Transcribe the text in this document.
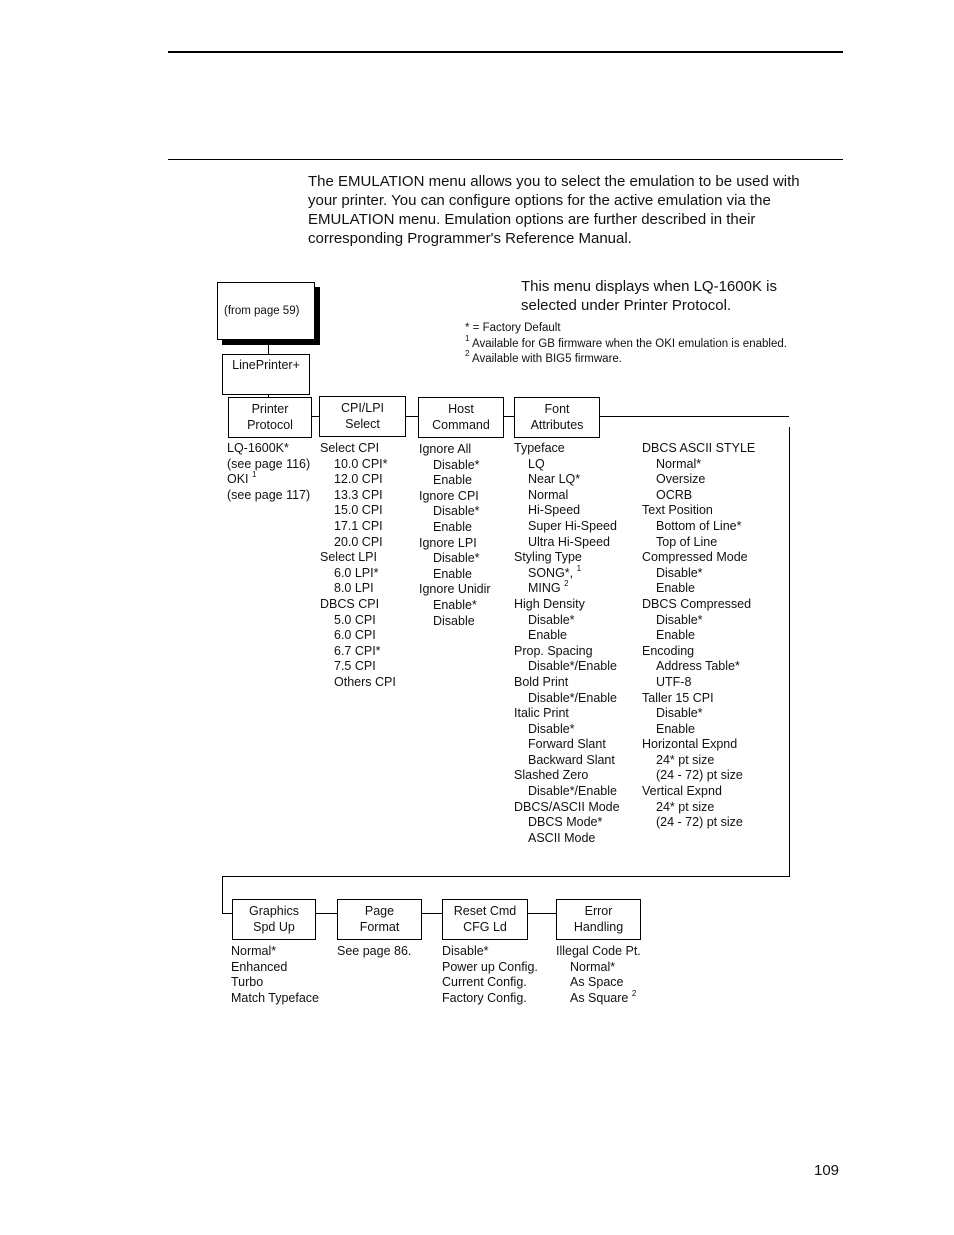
The EMULATION menu allows you to select the emulation to be used with your printer. You can configure options for the active emulation via the EMULATION menu. Emulation options are further described in their corresponding Programmer's Reference Manual.

This menu displays when LQ-1600K is selected under Printer Protocol.
* = Factory Default
$^1$ Available for GB firmware when the OKI emulation is enabled.
$^2$ Available with BIG5 firmware.
(from page 59)
LinePrinter+
Printer
Protocol
CPI/LPI
Select
Host
Command
Font
Attributes
Graphics
Spd Up
Page
Format
Reset Cmd
CFG Ld
Error
Handling
LQ-1600K*
(see page 116)
OKI $^1$
(see page 117)
Select CPI
10.0 CPI*
12.0 CPI
13.3 CPI
15.0 CPI
17.1 CPI
20.0 CPI
Select LPI
6.0 LPI*
8.0 LPI
DBCS CPI
5.0 CPI
6.0 CPI
6.7 CPI*
7.5 CPI
Others CPI
Ignore All
Disable*
Enable
Ignore CPI
Disable*
Enable
Ignore LPI
Disable*
Enable
Ignore Unidir
Enable*
Disable
Typeface
LQ
Near LQ*
Normal
Hi-Speed
Super Hi-Speed
Ultra Hi-Speed
Styling Type
SONG*, $^1$
MING $^2$
High Density
Disable*
Enable
Prop. Spacing
Disable*/Enable
Bold Print
Disable*/Enable
Italic Print
Disable*
Forward Slant
Backward Slant
Slashed Zero
Disable*/Enable
DBCS/ASCII Mode
DBCS Mode*
ASCII Mode
DBCS ASCII STYLE
Normal*
Oversize
OCRB
Text Position
Bottom of Line*
Top of Line
Compressed Mode
Disable*
Enable
DBCS Compressed
Disable*
Enable
Encoding
Address Table*
UTF-8
Taller 15 CPI
Disable*
Enable
Horizontal Expnd
24* pt size
(24 - 72) pt size
Vertical Expnd
24* pt size
(24 - 72) pt size
Normal*
Enhanced
Turbo
Match Typeface
See page 86. Disable*
Power up Config.
Current Config.
Factory Config.
Illegal Code Pt.
Normal*
As Space
As Square $^2$
109
